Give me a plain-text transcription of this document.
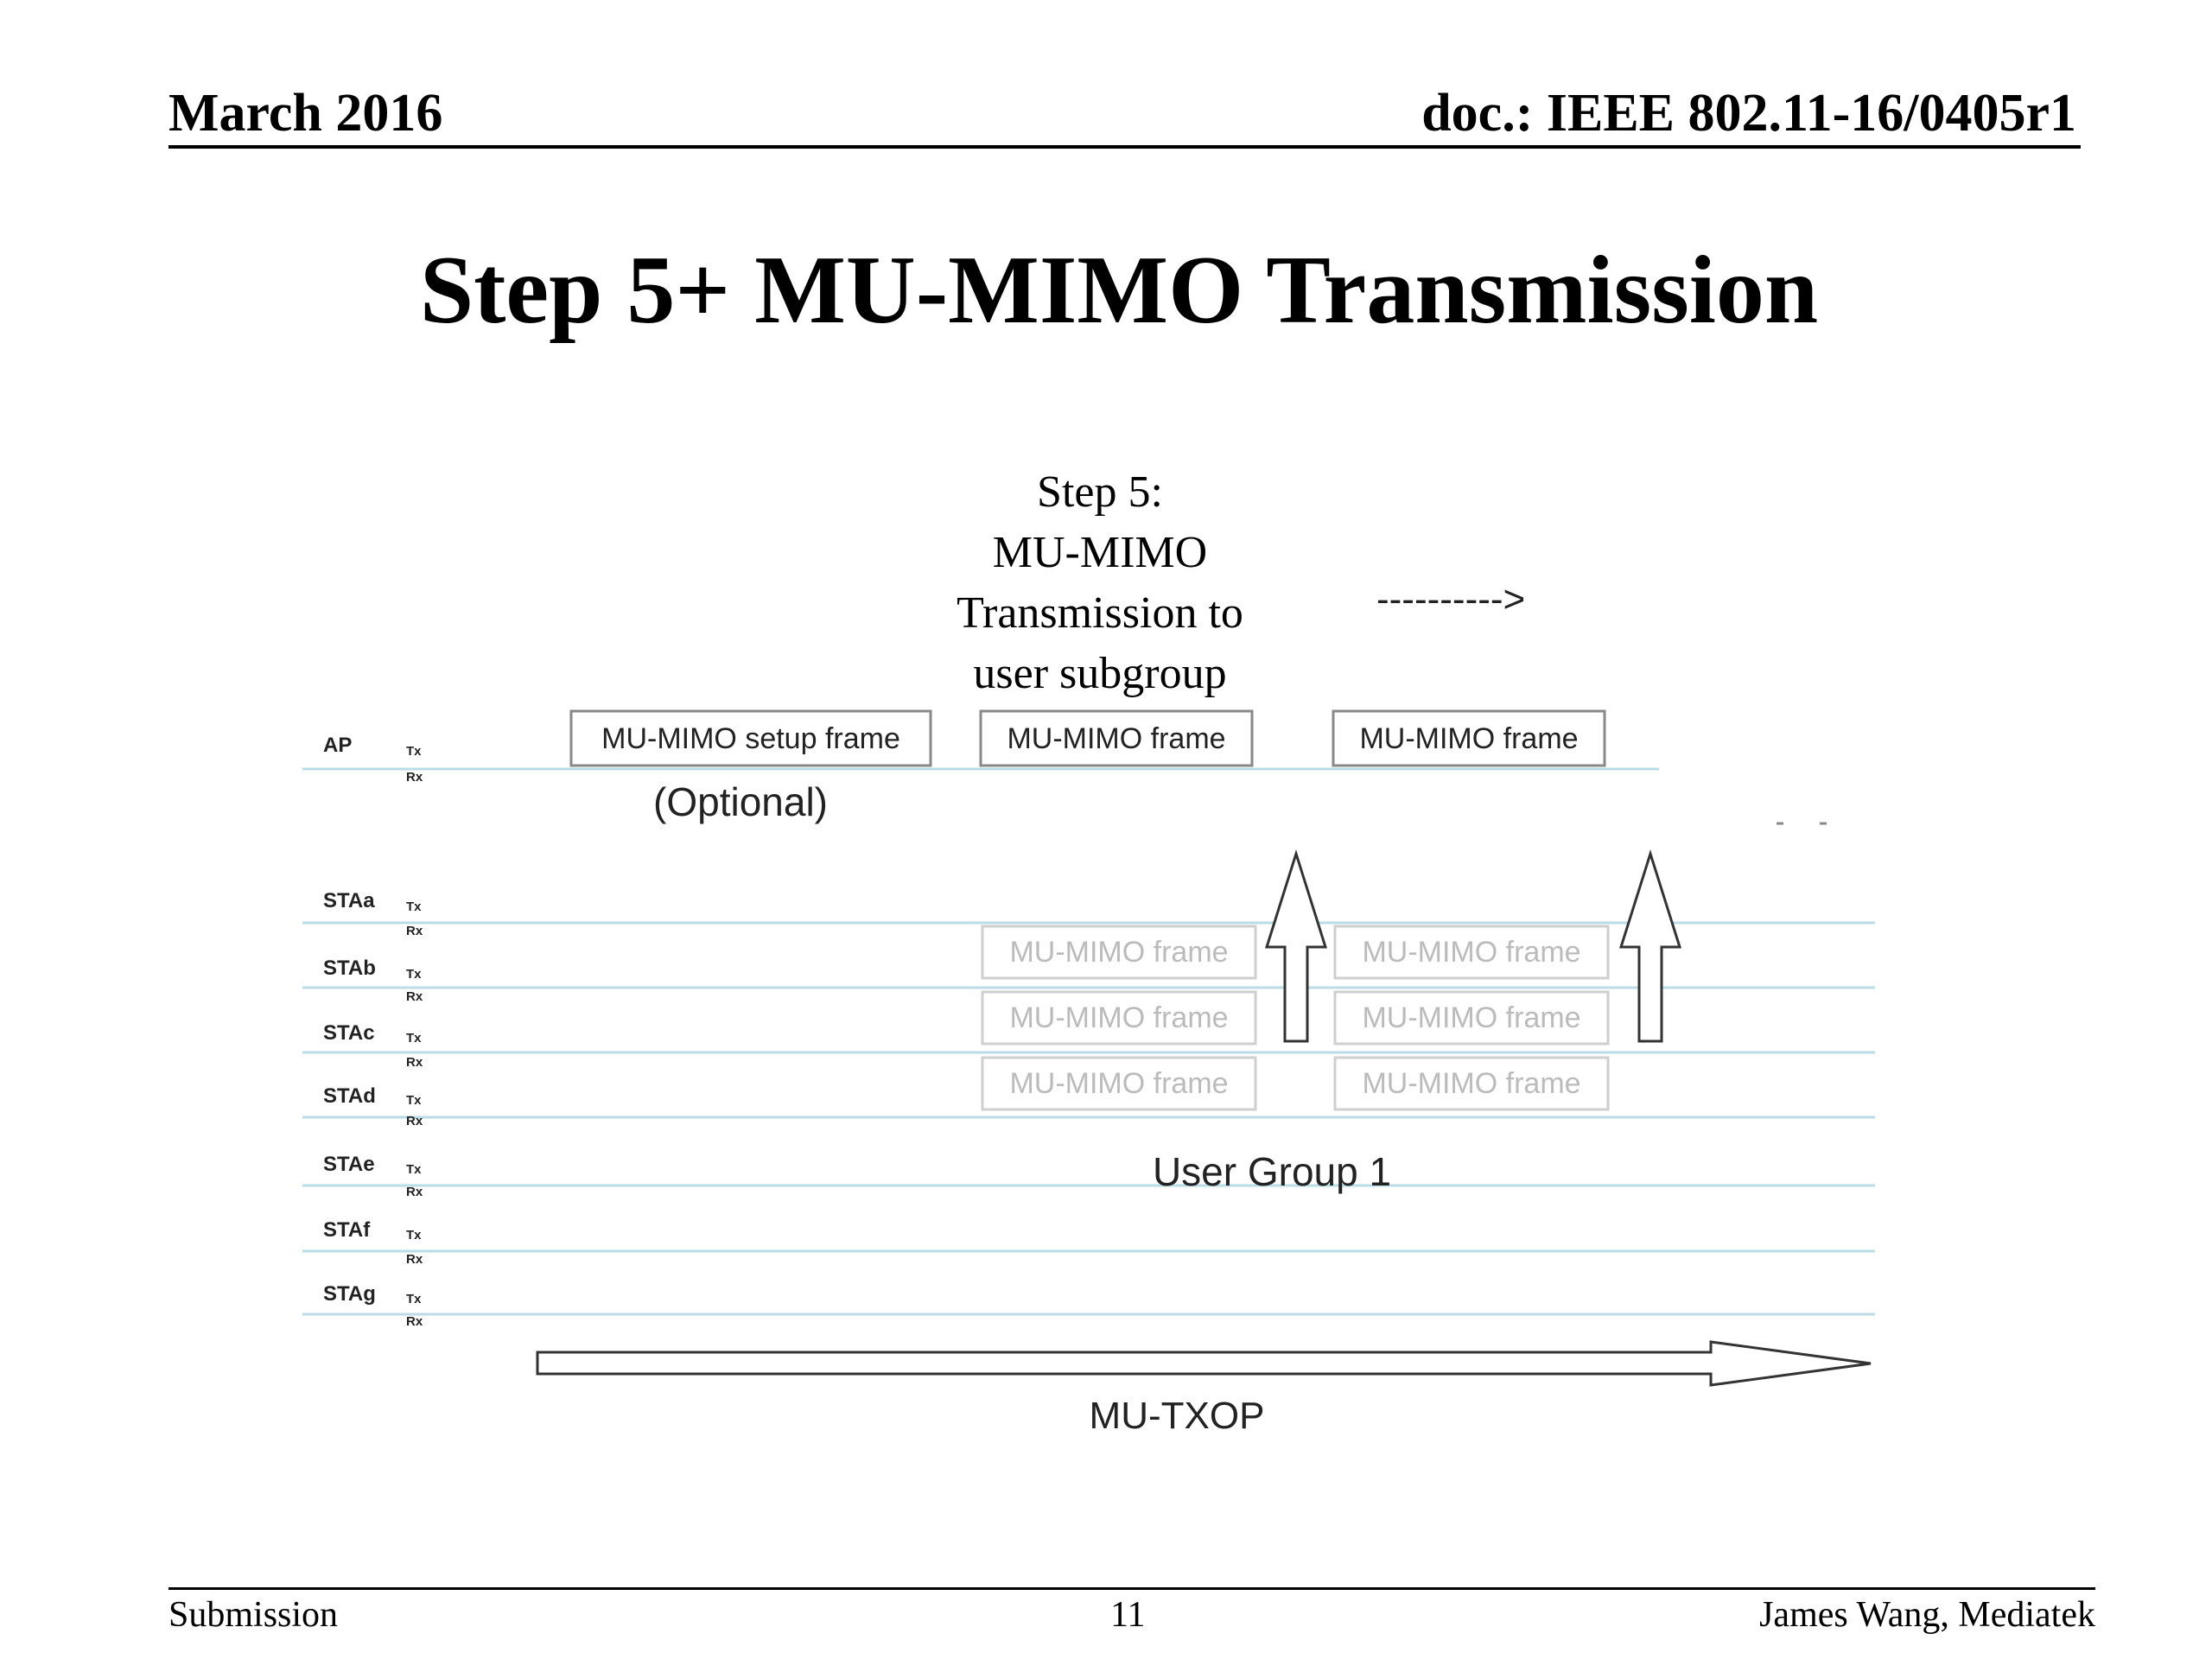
March 2016	doc.: IEEE 802.11-16/0405r1
Step 5+ MU-MIMO Transmission
Step 5:
MU-MIMO
Transmission to
user subgroup
---------->
AP
STAa
STAb
STAc
STAd
STAe
STAf
STAg
Tx
Rx
Tx
Rx
Tx
Rx
Tx
Rx
Tx
Rx
Tx
Rx
Tx
Rx
Tx
Rx
MU-MIMO setup frame	MU-MIMO frame	MU-MIMO frame
(Optional)
MU-MIMO frame	MU-MIMO frame
MU-MIMO frame	MU-MIMO frame
MU-MIMO frame	MU-MIMO frame
User Group 1
MU-TXOP
Submission	11	James Wang, Mediatek
